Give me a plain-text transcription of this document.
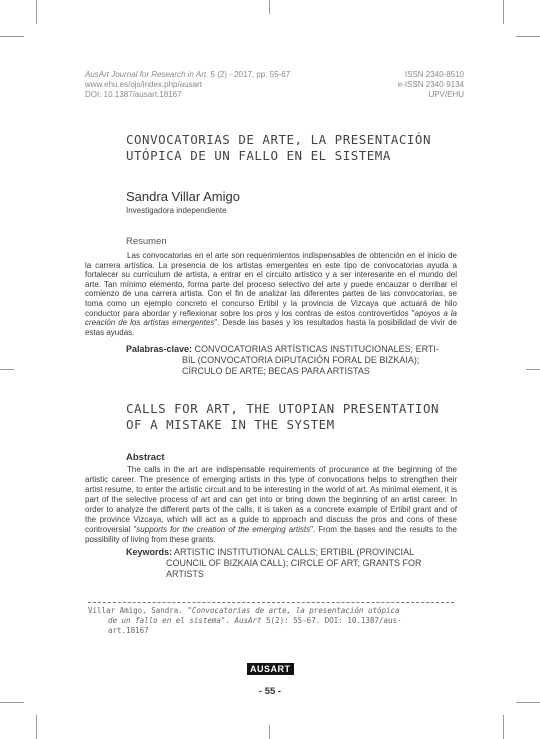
AusArt Journal for Research in Art. 5 (2) - 2017, pp. 55-67
www.ehu.es/ojs/index.php/ausart
DOI: 10.1387/ausart.18167
ISSN 2340-8510
e-ISSN 2340-9134
UPV/EHU
CONVOCATORIAS DE ARTE, LA PRESENTACIÓN
UTÓPICA DE UN FALLO EN EL SISTEMA
Sandra Villar Amigo
Investigadora independiente
Resumen

Las convocatorias en el arte son requerimientos indispensables de obtención en el inicio de la carrera artística. La presencia de los artistas emergentes en este tipo de convocatorias ayuda a fortalecer su currículum de artista, a entrar en el circuito artístico y a ser interesante en el mundo del arte. Tan mínimo elemento, forma parte del proceso selectivo del arte y puede encauzar o derribar el comienzo de una carrera artista. Con el fin de analizar las diferentes partes de las convocatorias, se toma como un ejemplo concreto el concurso Ertibil y la provincia de Vizcaya que actuará de hilo conductor para abordar y reflexionar sobre los pros y los contras de estos controvertidos "apoyos a la creación de los artistas emergentes". Desde las bases y los resultados hasta la posibilidad de vivir de estas ayudas.

Palabras-clave: CONVOCATORIAS ARTÍSTICAS INSTITUCIONALES; ERTI-
BIL (CONVOCATORIA DIPUTACIÓN FORAL DE BIZKAIA);
CÍRCULO DE ARTE; BECAS PARA ARTISTAS
CALLS FOR ART, THE UTOPIAN PRESENTATION
OF A MISTAKE IN THE SYSTEM
Abstract

The calls in the art are indispensable requirements of procurance at the beginning of the artistic career. The presence of emerging artists in this type of convocations helps to strengthen their artist resume, to enter the artistic circuit and to be interesting in the world of art. As minimal element, it is part of the selective process of art and can get into or bring down the beginning of an artist career. In order to analyze the different parts of the calls, it is taken as a concrete example of Ertibil grant and of the province Vizcaya, which will act as a guide to approach and discuss the pros and cons of these controversial "supports for the creation of the emerging artists". From the bases and the results to the possibility of living from these grants.

Keywords: ARTISTIC INSTITUTIONAL CALLS; ERTIBIL (PROVINCIAL
COUNCIL OF BIZKAIA CALL); CIRCLE OF ART; GRANTS FOR
ARTISTS
Villar Amigo, Sandra. "Convocatorias de arte, la presentación utópica
de un fallo en el sistema". AusArt 5(2): 55-67. DOI: 10.1387/aus-
art.18167
AUSART
- 55 -
